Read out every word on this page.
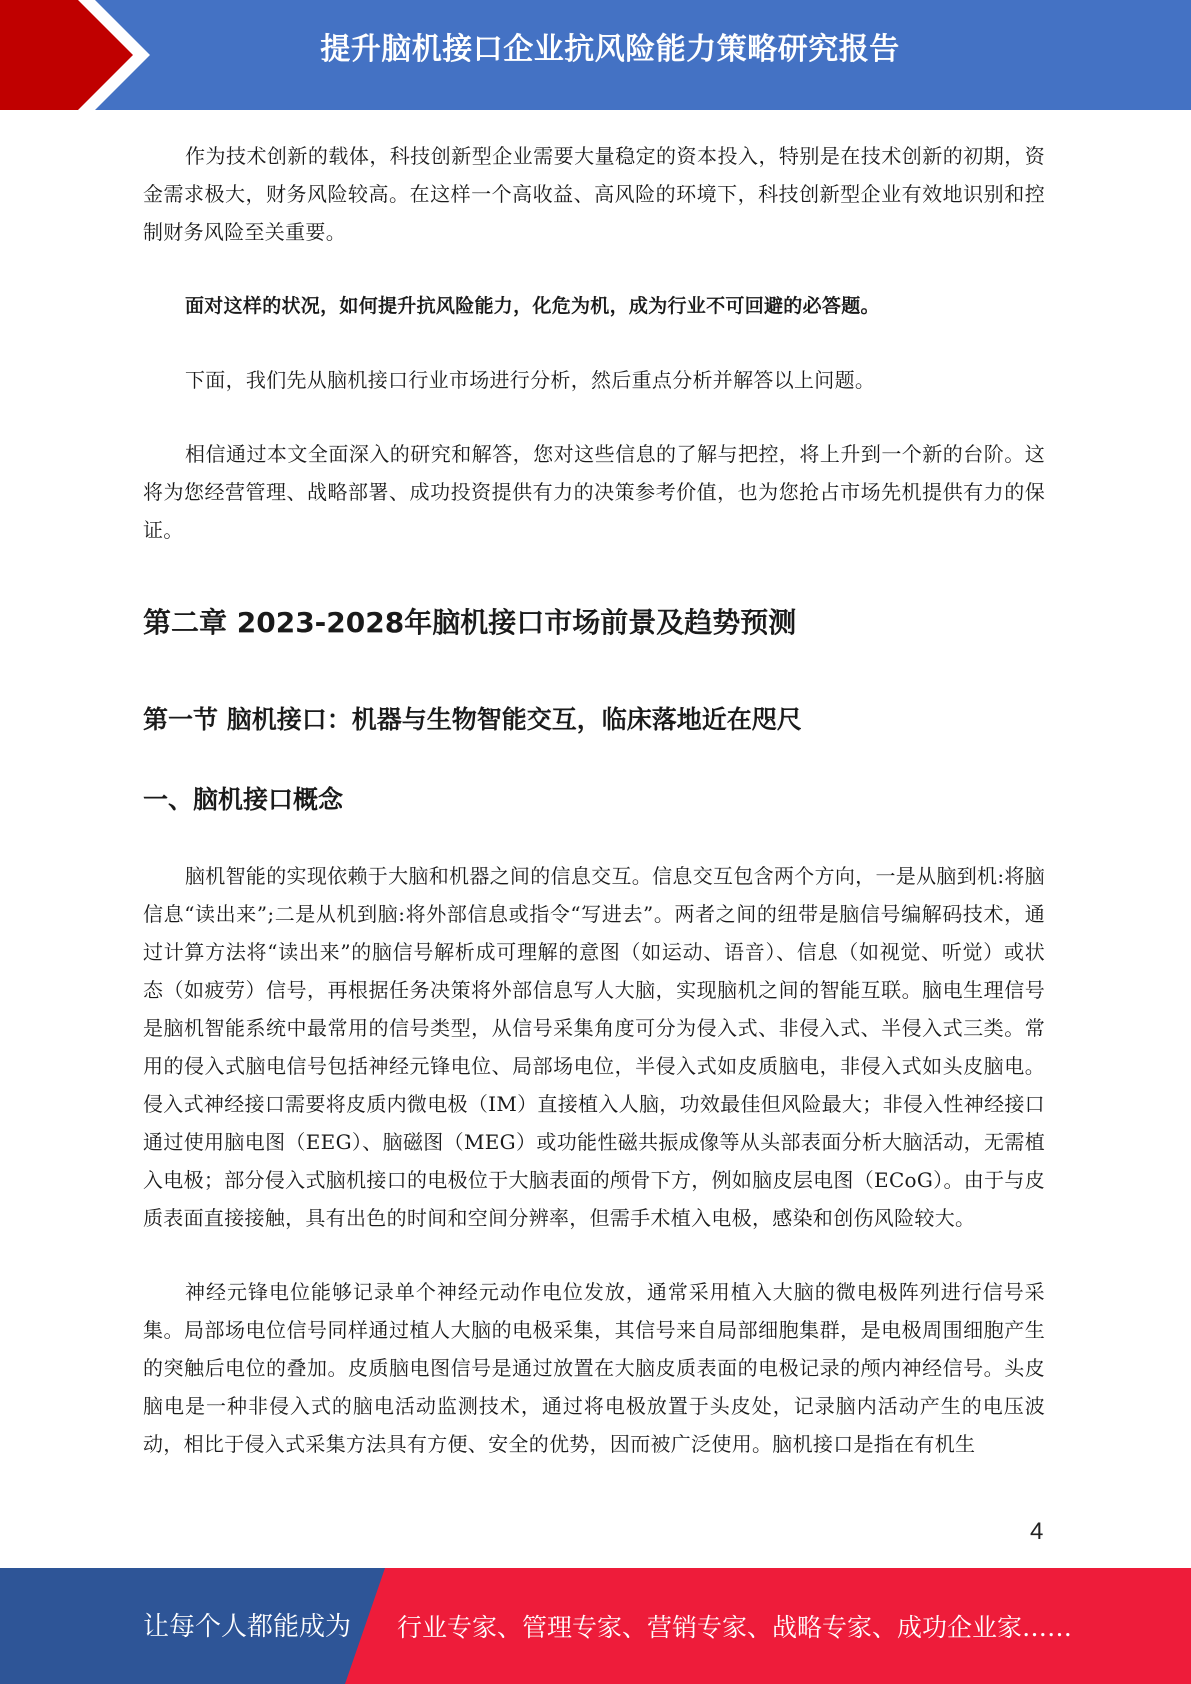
提升脑机接口企业抗风险能力策略研究报告

作为技术创新的载体，科技创新型企业需要大量稳定的资本投入，特别是在技术创新的初期，资金需求极大，财务风险较高。在这样一个高收益、高风险的环境下，科技创新型企业有效地识别和控制财务风险至关重要。

面对这样的状况，如何提升抗风险能力，化危为机，成为行业不可回避的必答题。

下面，我们先从脑机接口行业市场进行分析，然后重点分析并解答以上问题。

相信通过本文全面深入的研究和解答，您对这些信息的了解与把控，将上升到一个新的台阶。这将为您经营管理、战略部署、成功投资提供有力的决策参考价值，也为您抢占市场先机提供有力的保证。

第二章 2023-2028年脑机接口市场前景及趋势预测
第一节 脑机接口：机器与生物智能交互，临床落地近在咫尺
一、脑机接口概念

脑机智能的实现依赖于大脑和机器之间的信息交互。信息交互包含两个方向，一是从脑到机:将脑信息“读出来”;二是从机到脑:将外部信息或指令“写进去”。两者之间的纽带是脑信号编解码技术，通过计算方法将“读出来”的脑信号解析成可理解的意图（如运动、语音）、信息（如视觉、听觉）或状态（如疲劳）信号，再根据任务决策将外部信息写人大脑，实现脑机之间的智能互联。脑电生理信号是脑机智能系统中最常用的信号类型，从信号采集角度可分为侵入式、非侵入式、半侵入式三类。常用的侵入式脑电信号包括神经元锋电位、局部场电位，半侵入式如皮质脑电，非侵入式如头皮脑电。侵入式神经接口需要将皮质内微电极（IM）直接植入人脑，功效最佳但风险最大；非侵入性神经接口通过使用脑电图（EEG）、脑磁图（MEG）或功能性磁共振成像等从头部表面分析大脑活动，无需植入电极；部分侵入式脑机接口的电极位于大脑表面的颅骨下方，例如脑皮层电图（ECoG）。由于与皮质表面直接接触，具有出色的时间和空间分辨率，但需手术植入电极，感染和创伤风险较大。

神经元锋电位能够记录单个神经元动作电位发放，通常采用植入大脑的微电极阵列进行信号采集。局部场电位信号同样通过植人大脑的电极采集，其信号来自局部细胞集群，是电极周围细胞产生的突触后电位的叠加。皮质脑电图信号是通过放置在大脑皮质表面的电极记录的颅内神经信号。头皮脑电是一种非侵入式的脑电活动监测技术，通过将电极放置于头皮处，记录脑内活动产生的电压波动，相比于侵入式采集方法具有方便、安全的优势，因而被广泛使用。脑机接口是指在有机生

4
让每个人都能成为 行业专家、管理专家、营销专家、战略专家、成功企业家……
